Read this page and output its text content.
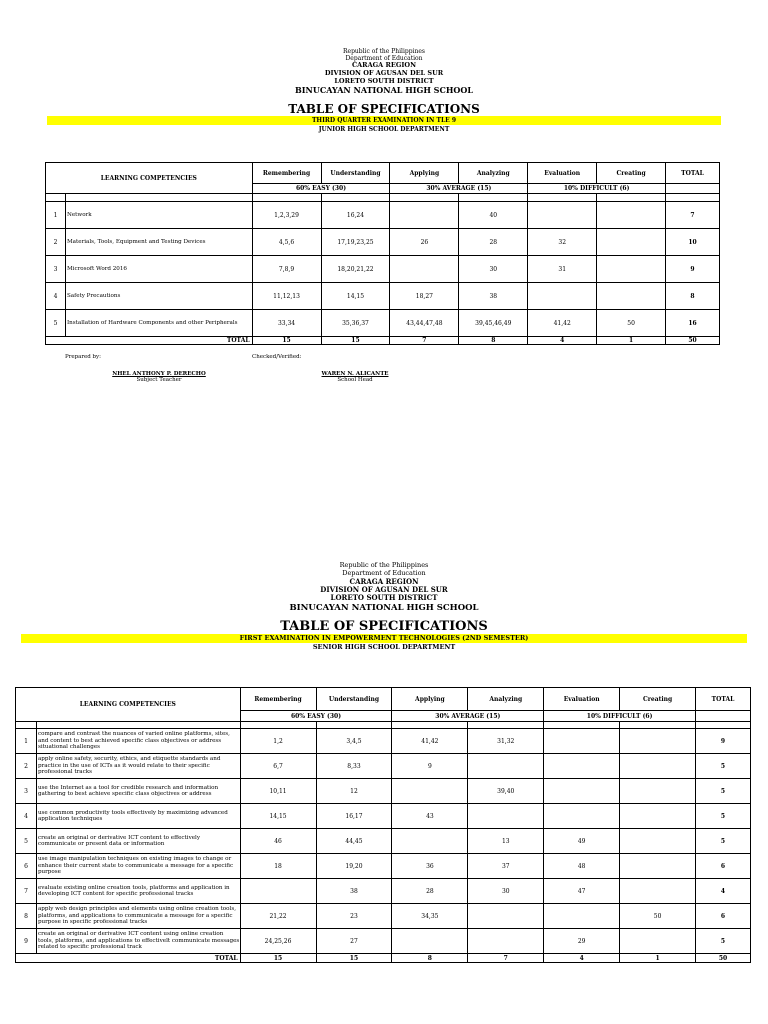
Republic of the Philippines
Department of Education
CARAGA REGION
DIVISION OF AGUSAN DEL SUR
LORETO SOUTH DISTRICT
BINUCAYAN NATIONAL HIGH SCHOOL
TABLE OF SPECIFICATIONS
THIRD QUARTER EXAMINATION IN TLE 9
JUNIOR HIGH SCHOOL DEPARTMENT
LEARNING COMPETENCIES		Remembering	Understanding	Applying	Analyzing	Evaluation	Creating	TOTAL
		60% EASY (30)		30% AVERAGE (15)		10% DIFFICULT (6)		

1	Network	1,2,3,29	16,24		40			7
2	Materials, Tools, Equipment and Testing Devices	4,5,6	17,19,23,25	26	28	32		10
3	Microsoft Word 2016	7,8,9	18,20,21,22		30	31		9
4	Safety Precautions	11,12,13	14,15	18,27	38			8
5	Installation of Hardware Components and other Peripherals	33,34	35,36,37	43,44,47,48	39,45,46,49	41,42	50	16
TOTAL		15	15	7	8	4	1	50
Prepared by:	Checked/Verified:
NHEL ANTHONY P. DERECHO
Subject Teacher
WAREN N. ALICANTE
School Head
Republic of the Philippines
Department of Education
CARAGA REGION
DIVISION OF AGUSAN DEL SUR
LORETO SOUTH DISTRICT
BINUCAYAN NATIONAL HIGH SCHOOL
TABLE OF SPECIFICATIONS
FIRST EXAMINATION IN EMPOWERMENT TECHNOLOGIES (2ND SEMESTER)
SENIOR HIGH SCHOOL DEPARTMENT
LEARNING COMPETENCIES		Remembering	Understanding	Applying	Analyzing	Evaluation	Creating	TOTAL
		60% EASY (30)		30% AVERAGE (15)		10% DIFFICULT (6)		

1	compare and contrast the nuances of varied online platforms, sites, and content to best achieved specific class objectives or address situational challenges	1,2	3,4,5	41,42	31,32			9
2	apply online safety, security, ethics, and etiquette standards and practice in the use of ICTs as it would relate to their specific professional tracks	6,7	8,33	9				5
3	use the Internet as a tool for credible research and information gathering to best achieve specific class objectives or address	10,11	12		39,40			5
4	use common productivity tools effectively by maximizing advanced application techniques	14,15	16,17	43				5
5	create an original or derivative ICT content to effectively communicate or present data or information	46	44,45		13	49		5
6	use image manipulation techniques on existing images to change or enhance their current state to communicate a message for a specific purpose	18	19,20	36	37	48		6
7	evaluate existing online creation tools, platforms and application in developing ICT content for specific professional tracks		38	28	30	47		4
8	apply web design principles and elements using online creation tools, platforms, and applications to communicate a message for a specific purpose in specific professional tracks	21,22	23	34,35			50	6
9	create an original or derivative ICT content using online creation tools, platforms, and applications to effectivelt communicate messages related to specific professional track	24,25,26	27			29		5
TOTAL		15	15	8	7	4	1	50
